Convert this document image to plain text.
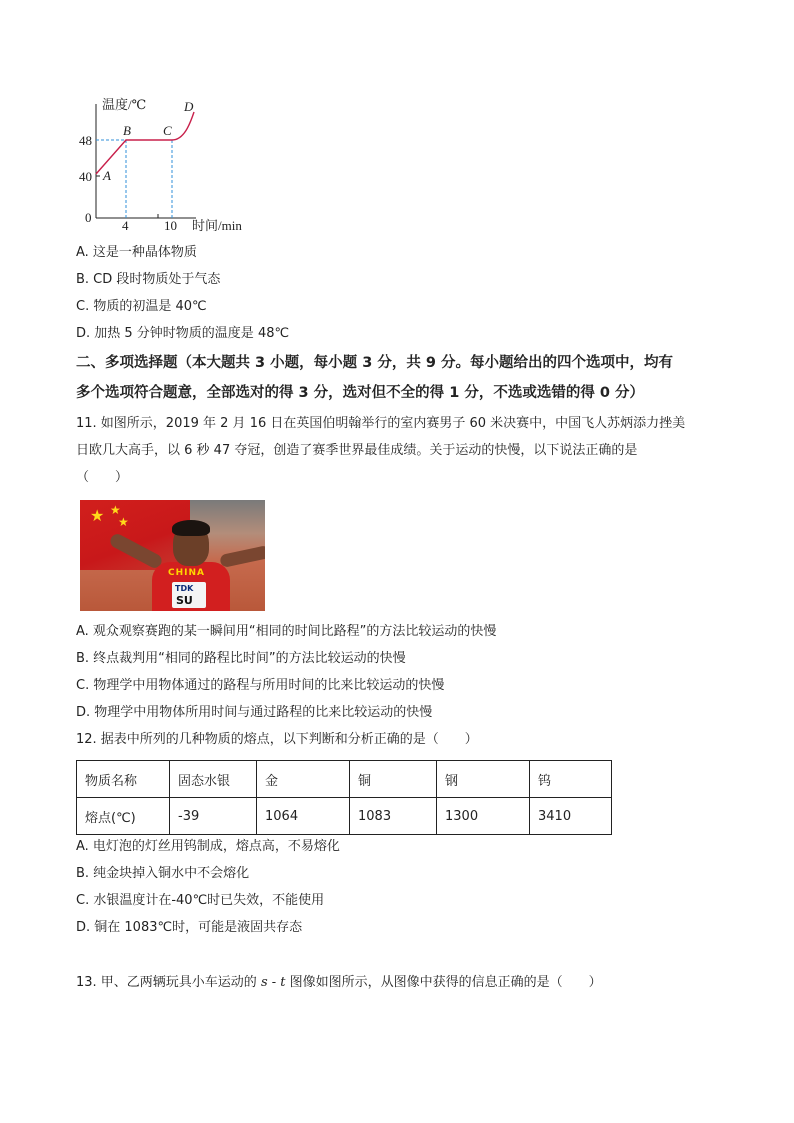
温度/℃
时间/min
0
48
40
4	10
A
B C
D
A. 这是一种晶体物质
B. CD 段时物质处于气态
C. 物质的初温是 40℃
D. 加热 5 分钟时物质的温度是 48℃
二、多项选择题（本大题共 3 小题，每小题 3 分，共 9 分。每小题给出的四个选项中，均有
多个选项符合题意，全部选对的得 3 分，选对但不全的得 1 分，不选或选错的得 0 分）
11. 如图所示，2019 年 2 月 16 日在英国伯明翰举行的室内赛男子 60 米决赛中，中国飞人苏炳添力挫美
日欧几大高手，以 6 秒 47 夺冠，创造了赛季世界最佳成绩。关于运动的快慢，以下说法正确的是
（　　）
★ ★
★
CHINA
TDK
SU
A. 观众观察赛跑的某一瞬间用“相同的时间比路程”的方法比较运动的快慢
B. 终点裁判用“相同的路程比时间”的方法比较运动的快慢
C. 物理学中用物体通过的路程与所用时间的比来比较运动的快慢
D. 物理学中用物体所用时间与通过路程的比来比较运动的快慢
12. 据表中所列的几种物质的熔点，以下判断和分析正确的是（　　）
物质名称	固态水银	金	铜	钢	钨
熔点(℃)	-39	1064	1083	1300	3410
A. 电灯泡的灯丝用钨制成，熔点高，不易熔化
B. 纯金块掉入铜水中不会熔化
C. 水银温度计在-40℃时已失效，不能使用
D. 铜在 1083℃时，可能是液固共存态
13. 甲、乙两辆玩具小车运动的 s - t 图像如图所示，从图像中获得的信息正确的是（　　）
